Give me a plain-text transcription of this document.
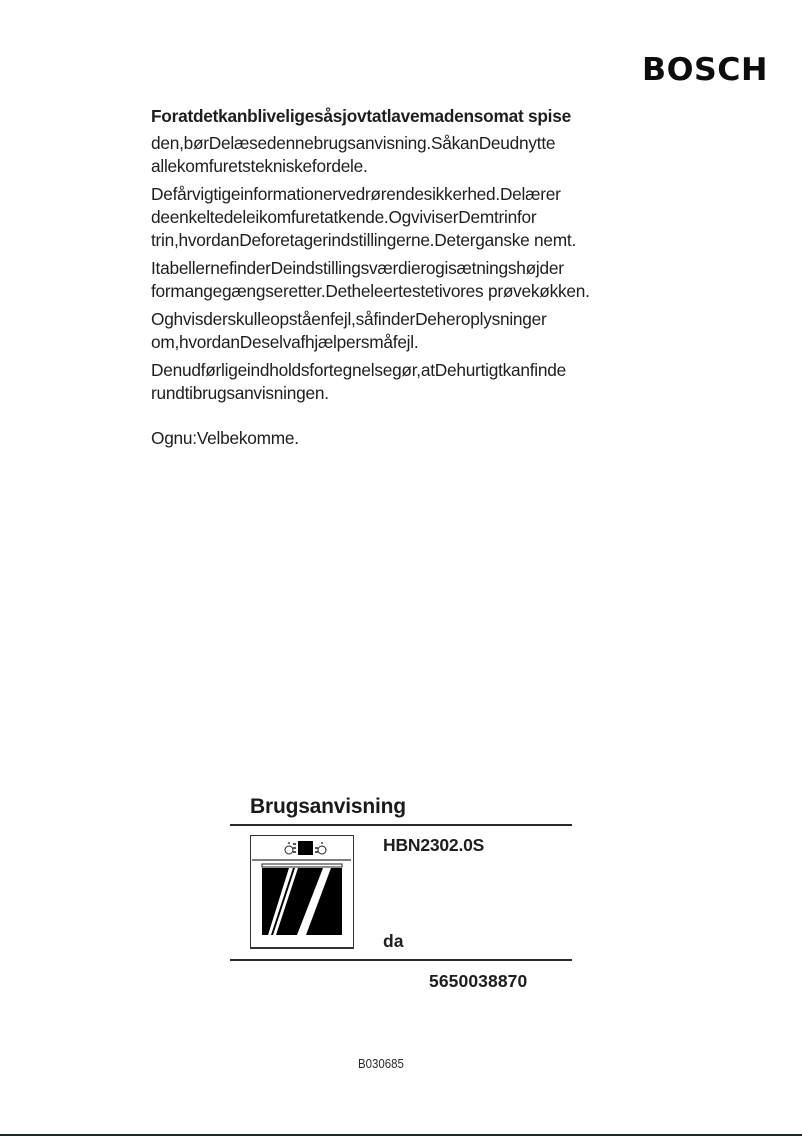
BOSCH
Foratdetkanbliveligesåsjovtatlavemadensomat spise

den,børDelæsedennebrugsanvisning.SåkanDeudnytte allekomfuretstekniskefordele.

Defårvigtigeinformationervedrørendesikkerhed.Delærer deenkeltedeleikomfuretatkende.OgviviserDemtrinfor trin,hvordanDeforetagerindstillingerne.Deterganske nemt.

ItabellernefinderDeindstillingsværdierogisætningshøjder formangegængseretter.Detheleertestetivores prøvekøkken.

Oghvisderskulleopståenfejl,såfinderDeheroplysninger om,hvordanDeselvafhjælpersmåfejl.

Denudførligeindholdsfortegnelsegør,atDehurtigtkanfinde rundtibrugsanvisningen.

Ognu:Velbekomme.

Brugsanvisning
HBN2302.0S
da
5650038870
B030685
